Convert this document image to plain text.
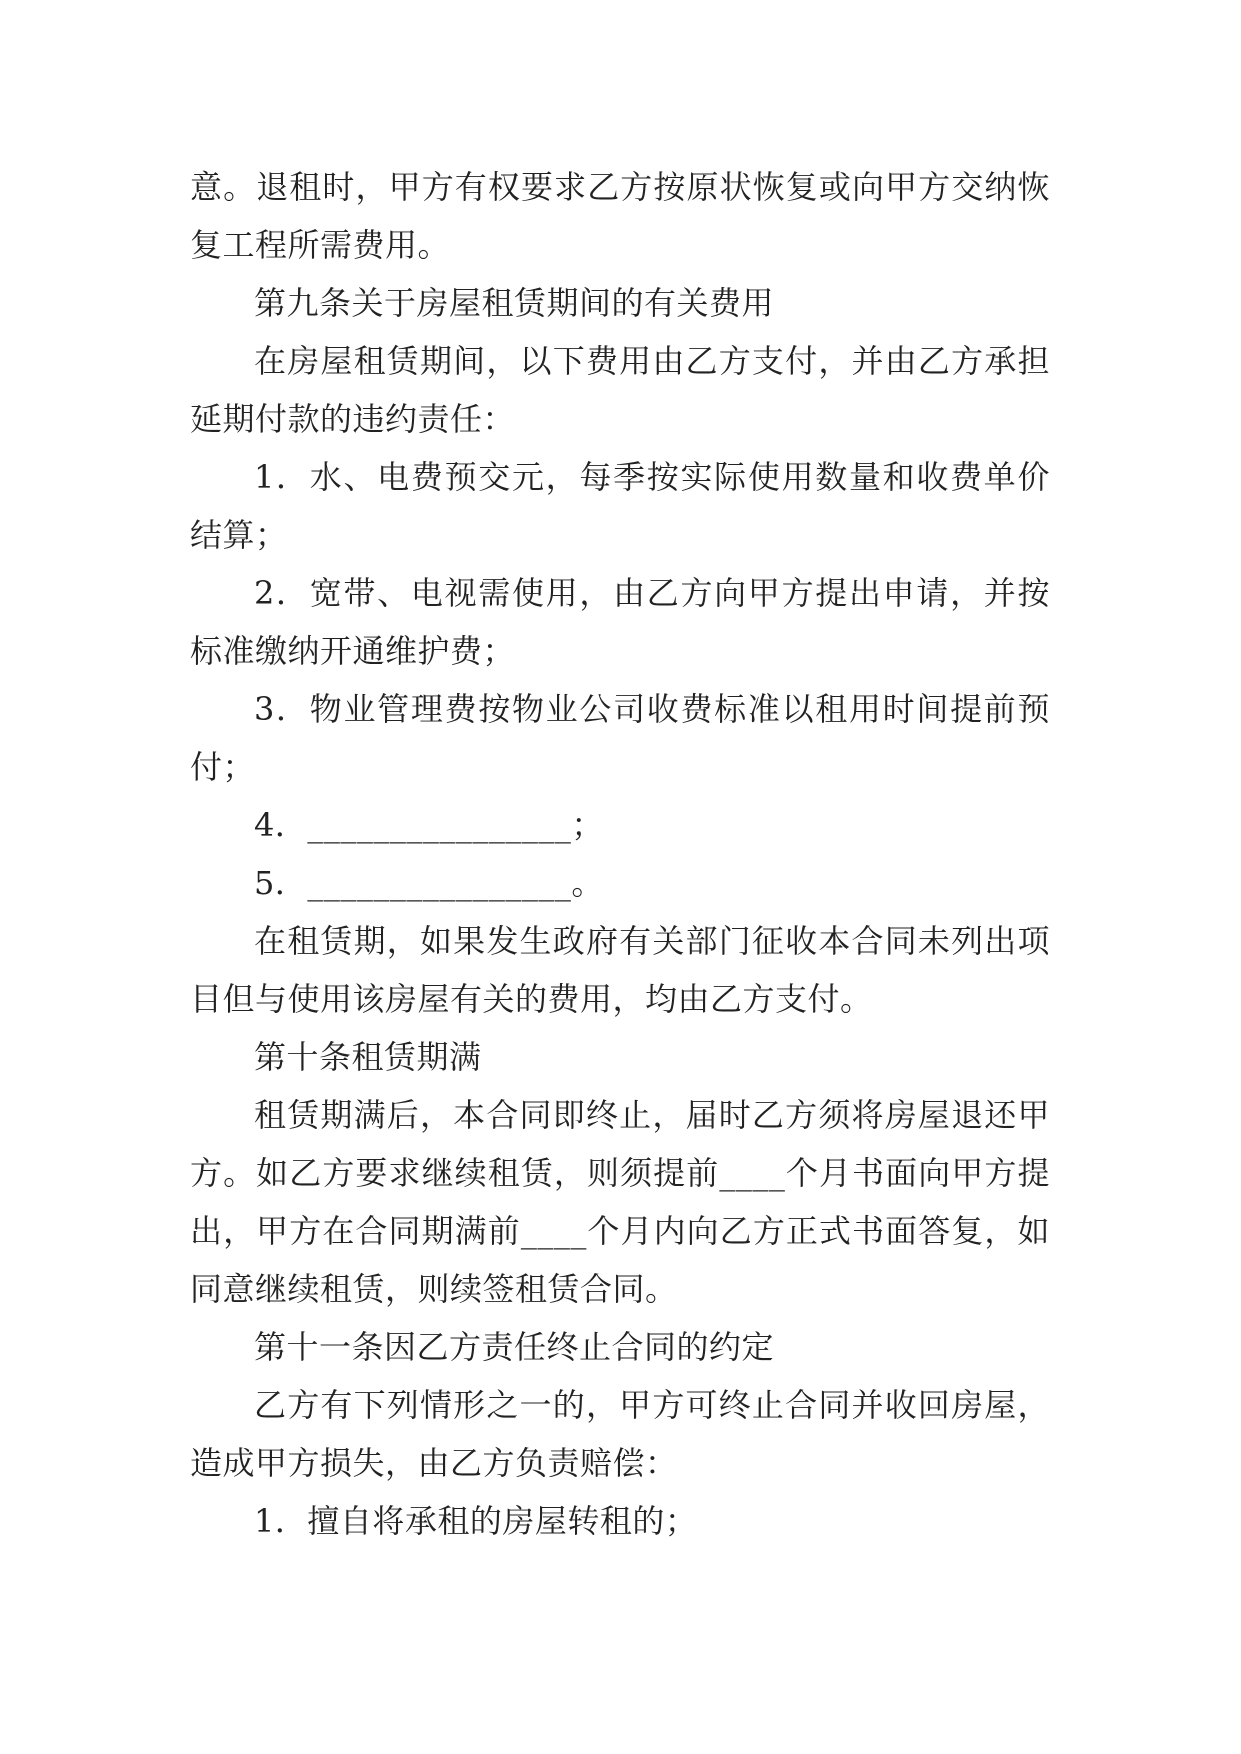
意。退租时，甲方有权要求乙方按原状恢复或向甲方交纳恢
复工程所需费用。
第九条关于房屋租赁期间的有关费用
在房屋租赁期间，以下费用由乙方支付，并由乙方承担
延期付款的违约责任：
1．水、电费预交元，每季按实际使用数量和收费单价
结算；
2．宽带、电视需使用，由乙方向甲方提出申请，并按
标准缴纳开通维护费；
3．物业管理费按物业公司收费标准以租用时间提前预
付；
4．________________；
5．________________。
在租赁期，如果发生政府有关部门征收本合同未列出项
目但与使用该房屋有关的费用，均由乙方支付。
第十条租赁期满
租赁期满后，本合同即终止，届时乙方须将房屋退还甲
方。如乙方要求继续租赁，则须提前____个月书面向甲方提
出，甲方在合同期满前____个月内向乙方正式书面答复，如
同意继续租赁，则续签租赁合同。
第十一条因乙方责任终止合同的约定
乙方有下列情形之一的，甲方可终止合同并收回房屋，
造成甲方损失，由乙方负责赔偿：
1．擅自将承租的房屋转租的；
